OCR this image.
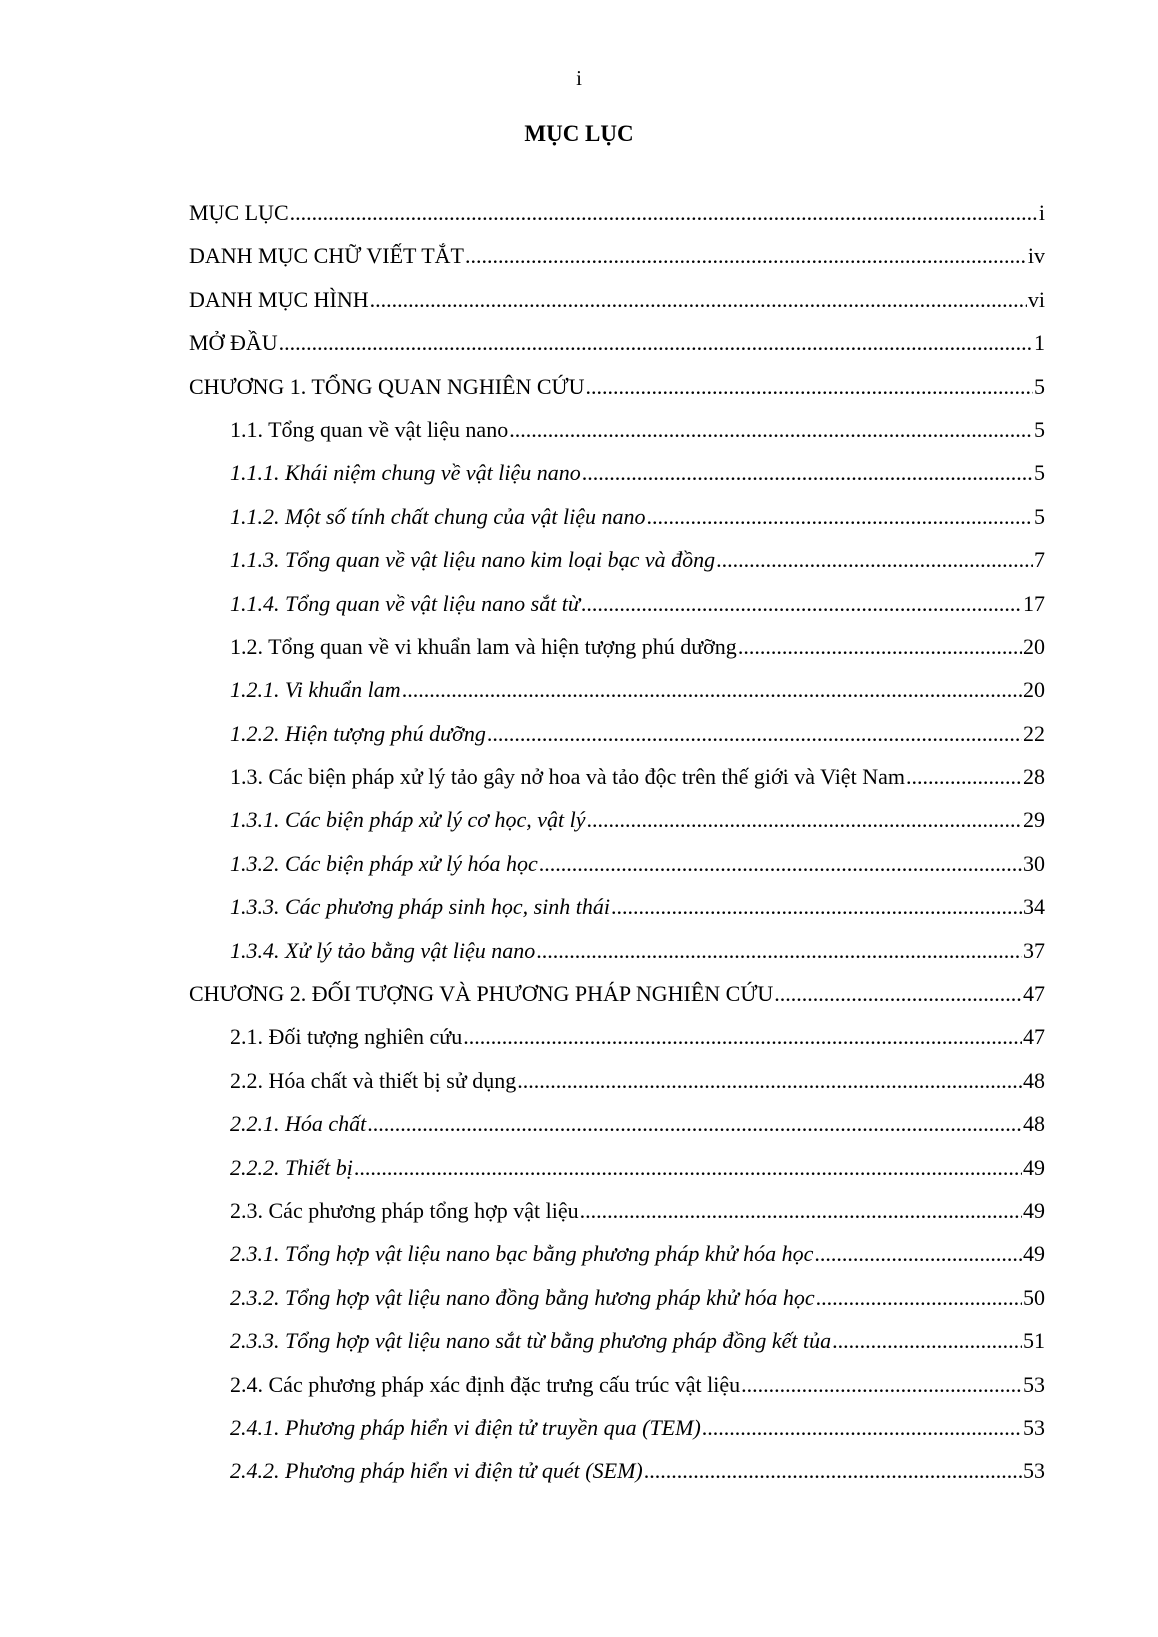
i
MỤC LỤC
MỤC LỤC .....	i
DANH MỤC CHỮ VIẾT TẮT .....	iv
DANH MỤC HÌNH .....	vi
MỞ ĐẦU .....	1
CHƯƠNG 1. TỔNG QUAN NGHIÊN CỨU .....	5
1.1. Tổng quan về vật liệu nano .....	5
1.1.1. Khái niệm chung về vật liệu nano .....	5
1.1.2. Một số tính chất chung của vật liệu nano .....	5
1.1.3. Tổng quan về vật liệu nano kim loại bạc và đồng .....	7
1.1.4. Tổng quan về vật liệu nano sắt từ .....	17
1.2. Tổng quan về vi khuẩn lam và hiện tượng phú dưỡng .....	20
1.2.1. Vi khuẩn lam .....	20
1.2.2. Hiện tượng phú dưỡng .....	22
1.3. Các biện pháp xử lý tảo gây nở hoa và tảo độc trên thế giới và Việt Nam .....	28
1.3.1. Các biện pháp xử lý cơ học, vật lý .....	29
1.3.2. Các biện pháp xử lý hóa học .....	30
1.3.3. Các phương pháp sinh học, sinh thái .....	34
1.3.4. Xử lý tảo bằng vật liệu nano .....	37
CHƯƠNG 2. ĐỐI TƯỢNG VÀ PHƯƠNG PHÁP NGHIÊN CỨU .....	47
2.1. Đối tượng nghiên cứu .....	47
2.2. Hóa chất và thiết bị sử dụng .....	48
2.2.1. Hóa chất .....	48
2.2.2. Thiết bị .....	49
2.3. Các phương pháp tổng hợp vật liệu .....	49
2.3.1. Tổng hợp vật liệu nano bạc bằng phương pháp khử hóa học .....	49
2.3.2. Tổng hợp vật liệu nano đồng bằng hương pháp khử hóa học .....	50
2.3.3. Tổng hợp vật liệu nano sắt từ bằng phương pháp đồng kết tủa .....	51
2.4. Các phương pháp xác định đặc trưng cấu trúc vật liệu .....	53
2.4.1. Phương pháp hiển vi điện tử truyền qua (TEM) .....	53
2.4.2. Phương pháp hiển vi điện tử quét (SEM) .....	53
